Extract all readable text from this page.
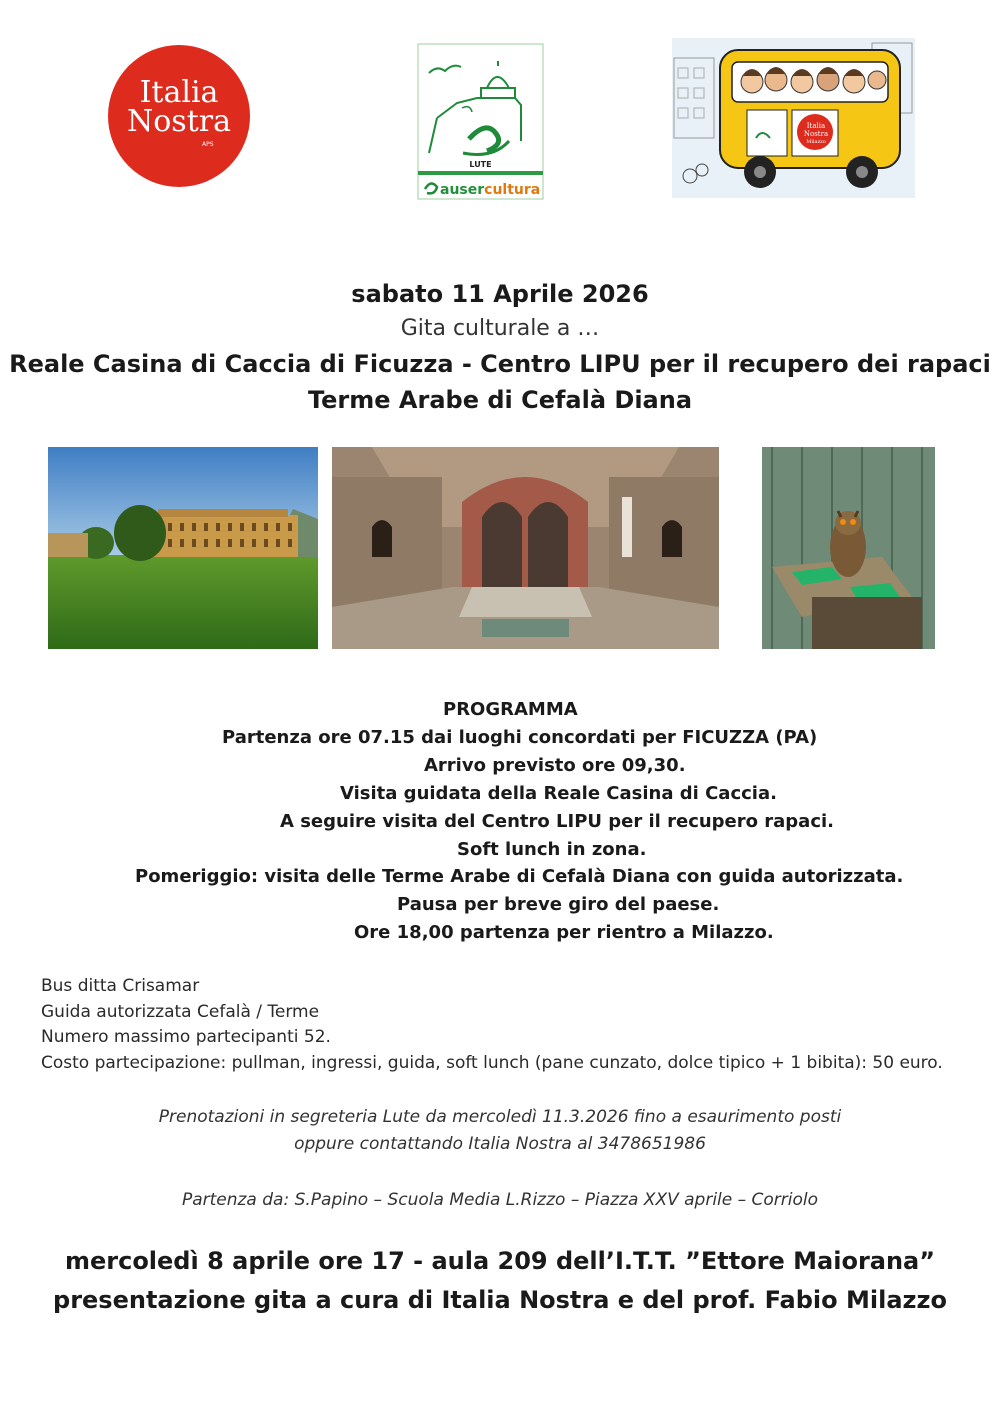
Italia
Nostra
APS
LUTE
ausercultura
Italia
Nostra
Milazzo
sabato 11 Aprile 2026
Gita culturale a …
Reale Casina di Caccia di Ficuzza - Centro LIPU per il recupero dei rapaci
Terme Arabe di Cefalà Diana
PROGRAMMA
Partenza ore 07.15 dai luoghi concordati per FICUZZA (PA)
Arrivo previsto ore 09,30.
Visita guidata della Reale Casina di Caccia.
A seguire visita del Centro LIPU per il recupero rapaci.
Soft lunch in zona.
Pomeriggio: visita delle Terme Arabe di Cefalà Diana con guida autorizzata.
Pausa per breve giro del paese.
Ore 18,00 partenza per rientro a Milazzo.
Bus ditta Crisamar
Guida autorizzata Cefalà / Terme
Numero massimo partecipanti 52.
Costo partecipazione: pullman, ingressi, guida, soft lunch (pane cunzato, dolce tipico + 1 bibita): 50 euro.
Prenotazioni in segreteria Lute da mercoledì 11.3.2026 fino a esaurimento posti
oppure contattando Italia Nostra al 3478651986
Partenza da: S.Papino – Scuola Media L.Rizzo – Piazza XXV aprile – Corriolo
mercoledì 8 aprile ore 17 - aula 209 dell’I.T.T. ”Ettore Maiorana”
presentazione gita a cura di Italia Nostra e del prof. Fabio Milazzo
